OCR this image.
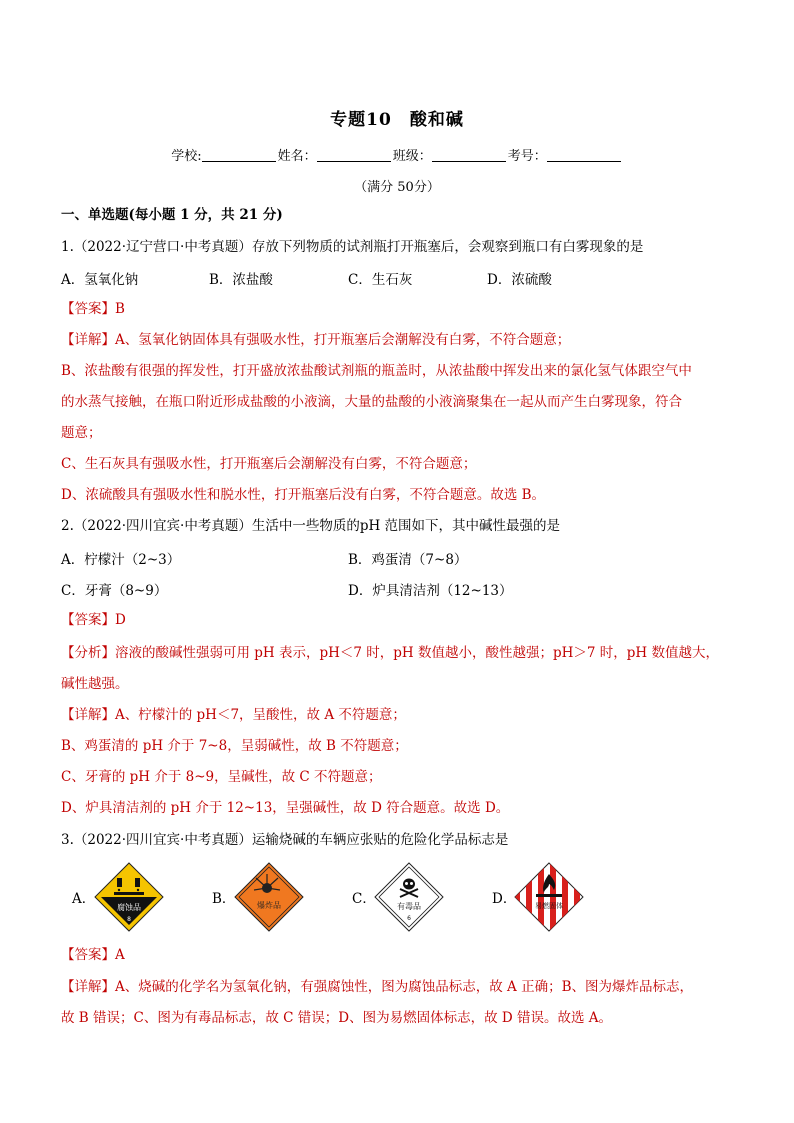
专题10 酸和碱
学校:	姓名：	班级：	考号：
（满分 50分）
一、单选题(每小题 1 分，共 21 分)
1.（2022·辽宁营口·中考真题）存放下列物质的试剂瓶打开瓶塞后，会观察到瓶口有白雾现象的是
A．氢氧化钠	B．浓盐酸	C．生石灰	D．浓硫酸
【答案】B
【详解】A、氢氧化钠固体具有强吸水性，打开瓶塞后会潮解没有白雾，不符合题意；
B、浓盐酸有很强的挥发性，打开盛放浓盐酸试剂瓶的瓶盖时，从浓盐酸中挥发出来的氯化氢气体跟空气中
的水蒸气接触，在瓶口附近形成盐酸的小液滴，大量的盐酸的小液滴聚集在一起从而产生白雾现象，符合
题意；
C、生石灰具有强吸水性，打开瓶塞后会潮解没有白雾，不符合题意；
D、浓硫酸具有强吸水性和脱水性，打开瓶塞后没有白雾，不符合题意。故选 B。
2.（2022·四川宜宾·中考真题）生活中一些物质的pH 范围如下，其中碱性最强的是
A．柠檬汁（2~3）	B．鸡蛋清（7~8）
C．牙膏（8~9）	D．炉具清洁剂（12~13）
【答案】D
【分析】溶液的酸碱性强弱可用 pH 表示，pH＜7 时，pH 数值越小，酸性越强；pH＞7 时，pH 数值越大，
碱性越强。
【详解】A、柠檬汁的 pH＜7，呈酸性，故 A 不符题意；
B、鸡蛋清的 pH 介于 7~8，呈弱碱性，故 B 不符题意；
C、牙膏的 pH 介于 8~9，呈碱性，故 C 不符题意；
D、炉具清洁剂的 pH 介于 12~13，呈强碱性，故 D 符合题意。故选 D。
3.（2022·四川宜宾·中考真题）运输烧碱的车辆应张贴的危险化学品标志是
A．	B．	C．	D．
腐蚀品
8
爆炸品	有毒品
6
易燃固体
【答案】A
【详解】A、烧碱的化学名为氢氧化钠，有强腐蚀性，图为腐蚀品标志，故 A 正确；B、图为爆炸品标志，
故 B 错误；C、图为有毒品标志，故 C 错误；D、图为易燃固体标志，故 D 错误。故选 A。
